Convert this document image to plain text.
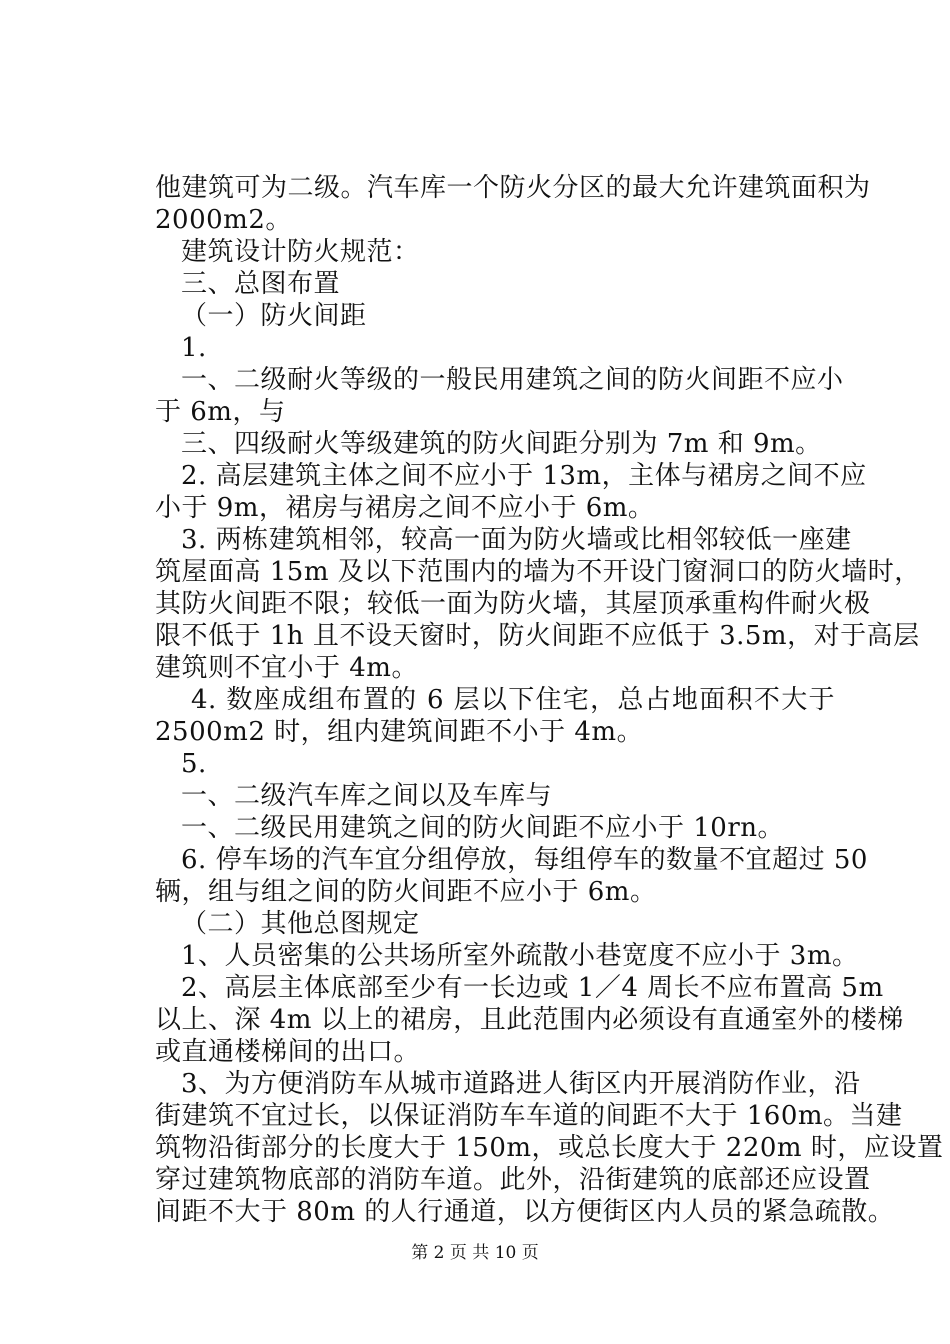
他建筑可为二级。汽车库一个防火分区的最大允许建筑面积为
2000m2。
建筑设计防火规范：
三、总图布置
（一）防火间距
1.
一、二级耐火等级的一般民用建筑之间的防火间距不应小
于 6m，与
三、四级耐火等级建筑的防火间距分别为 7m 和 9m。
2. 高层建筑主体之间不应小于 13m，主体与裙房之间不应
小于 9m，裙房与裙房之间不应小于 6m。
3. 两栋建筑相邻，较高一面为防火墙或比相邻较低一座建
筑屋面高 15m 及以下范围内的墙为不开设门窗洞口的防火墙时，
其防火间距不限；较低一面为防火墙，其屋顶承重构件耐火极
限不低于 1h 且不设天窗时，防火间距不应低于 3.5m，对于高层
建筑则不宜小于 4m。
4. 数座成组布置的 6 层以下住宅，总占地面积不大于
2500m2 时，组内建筑间距不小于 4m。
5.
一、二级汽车库之间以及车库与
一、二级民用建筑之间的防火间距不应小于 10rn。
6. 停车场的汽车宜分组停放，每组停车的数量不宜超过 50
辆，组与组之间的防火间距不应小于 6m。
（二）其他总图规定
1、人员密集的公共场所室外疏散小巷宽度不应小于 3m。
2、高层主体底部至少有一长边或 1／4 周长不应布置高 5m
以上、深 4m 以上的裙房，且此范围内必须设有直通室外的楼梯
或直通楼梯间的出口。
3、为方便消防车从城市道路进人街区内开展消防作业，沿
街建筑不宜过长，以保证消防车车道的间距不大于 160m。当建
筑物沿街部分的长度大于 150m，或总长度大于 220m 时，应设置
穿过建筑物底部的消防车道。此外，沿街建筑的底部还应设置
间距不大于 80m 的人行通道，以方便街区内人员的紧急疏散。
第 2 页 共 10 页
